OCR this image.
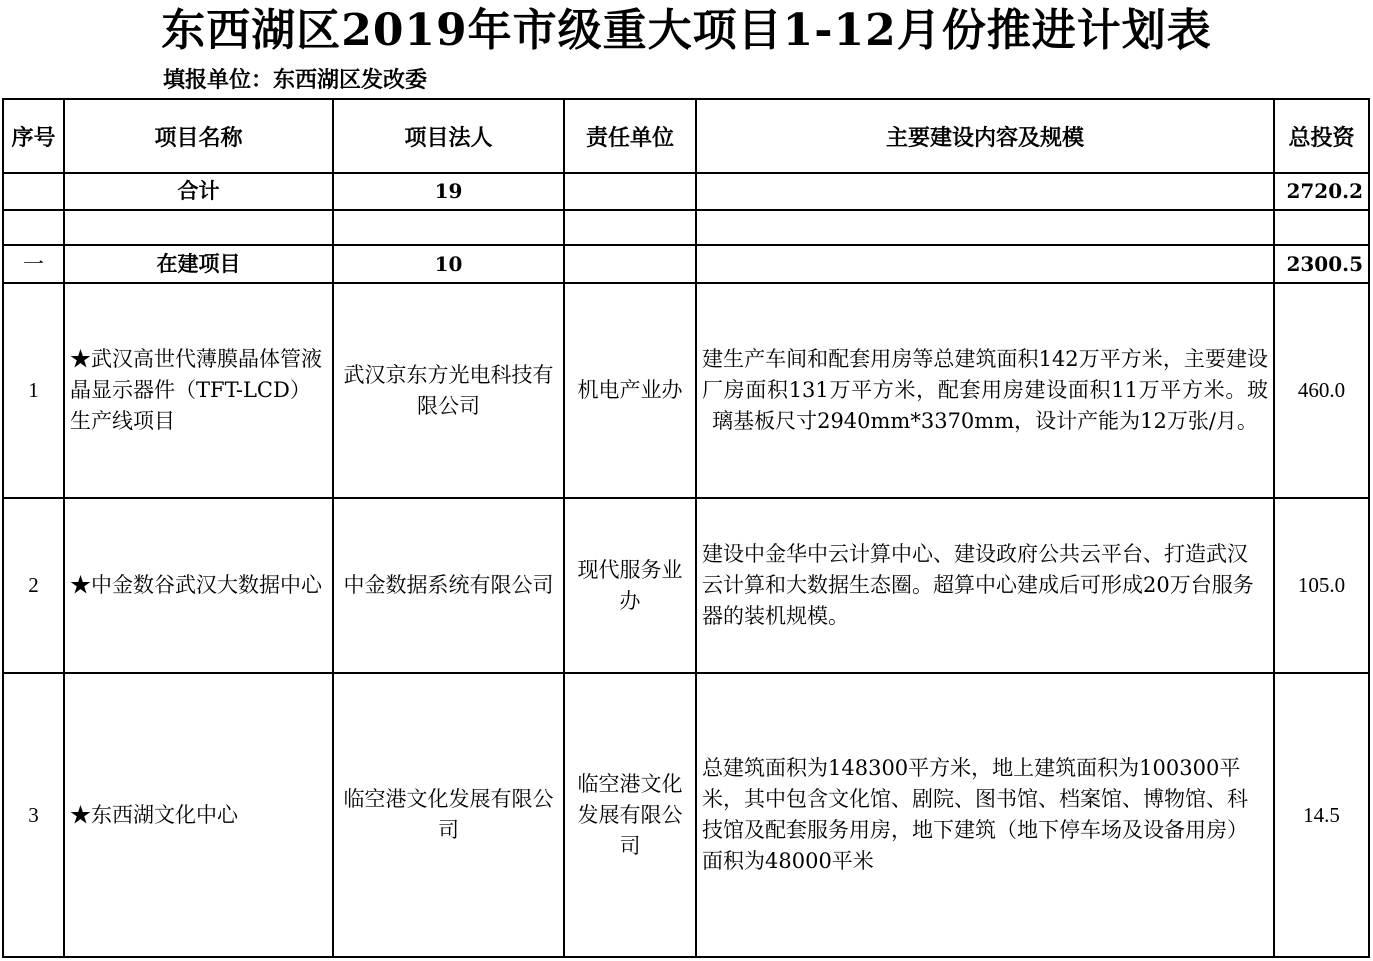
东西湖区2019年市级重大项目1-12月份推进计划表
填报单位：东西湖区发改委
序号	项目名称	项目法人	责任单位	主要建设内容及规模	总投资
	合计	19			2720.2

一	在建项目	10			2300.5
1	★武汉高世代薄膜晶体管液晶显示器件（TFT-LCD）生产线项目	武汉京东方光电科技有限公司	机电产业办	建生产车间和配套用房等总建筑面积142万平方米，主要建设厂房面积131万平方米，配套用房建设面积11万平方米。玻璃基板尺寸2940mm*3370mm，设计产能为12万张/月。	460.0
2	★中金数谷武汉大数据中心	中金数据系统有限公司	现代服务业办	建设中金华中云计算中心、建设政府公共云平台、打造武汉云计算和大数据生态圈。超算中心建成后可形成20万台服务器的装机规模。	105.0
3	★东西湖文化中心	临空港文化发展有限公司	临空港文化发展有限公司	总建筑面积为148300平方米，地上建筑面积为100300平米，其中包含文化馆、剧院、图书馆、档案馆、博物馆、科技馆及配套服务用房，地下建筑（地下停车场及设备用房）面积为48000平米	14.5
